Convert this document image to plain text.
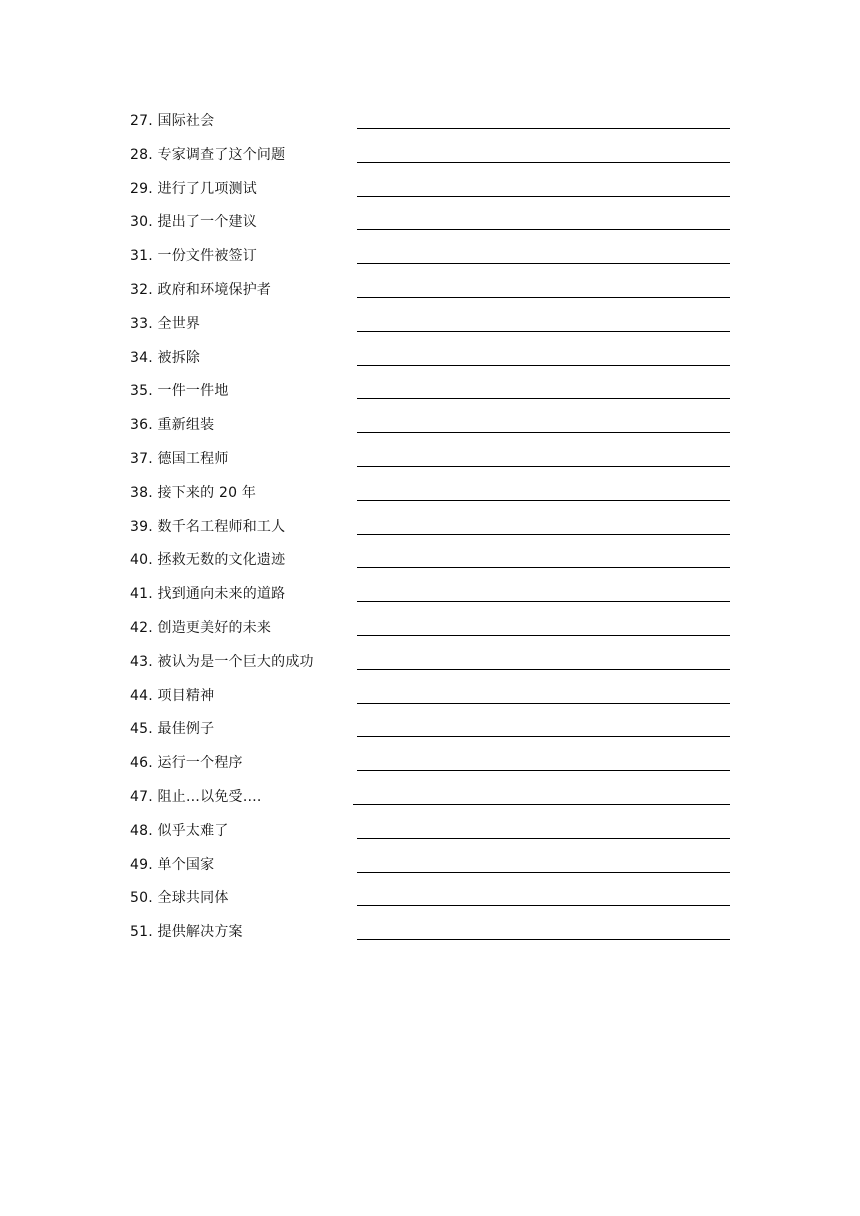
27. 国际社会
28. 专家调查了这个问题
29. 进行了几项测试
30. 提出了一个建议
31. 一份文件被签订
32. 政府和环境保护者
33. 全世界
34. 被拆除
35. 一件一件地
36. 重新组装
37. 德国工程师
38. 接下来的 20 年
39. 数千名工程师和工人
40. 拯救无数的文化遗迹
41. 找到通向未来的道路
42. 创造更美好的未来
43. 被认为是一个巨大的成功
44. 项目精神
45. 最佳例子
46. 运行一个程序
47. 阻止…以免受….
48. 似乎太难了
49. 单个国家
50. 全球共同体
51. 提供解决方案
